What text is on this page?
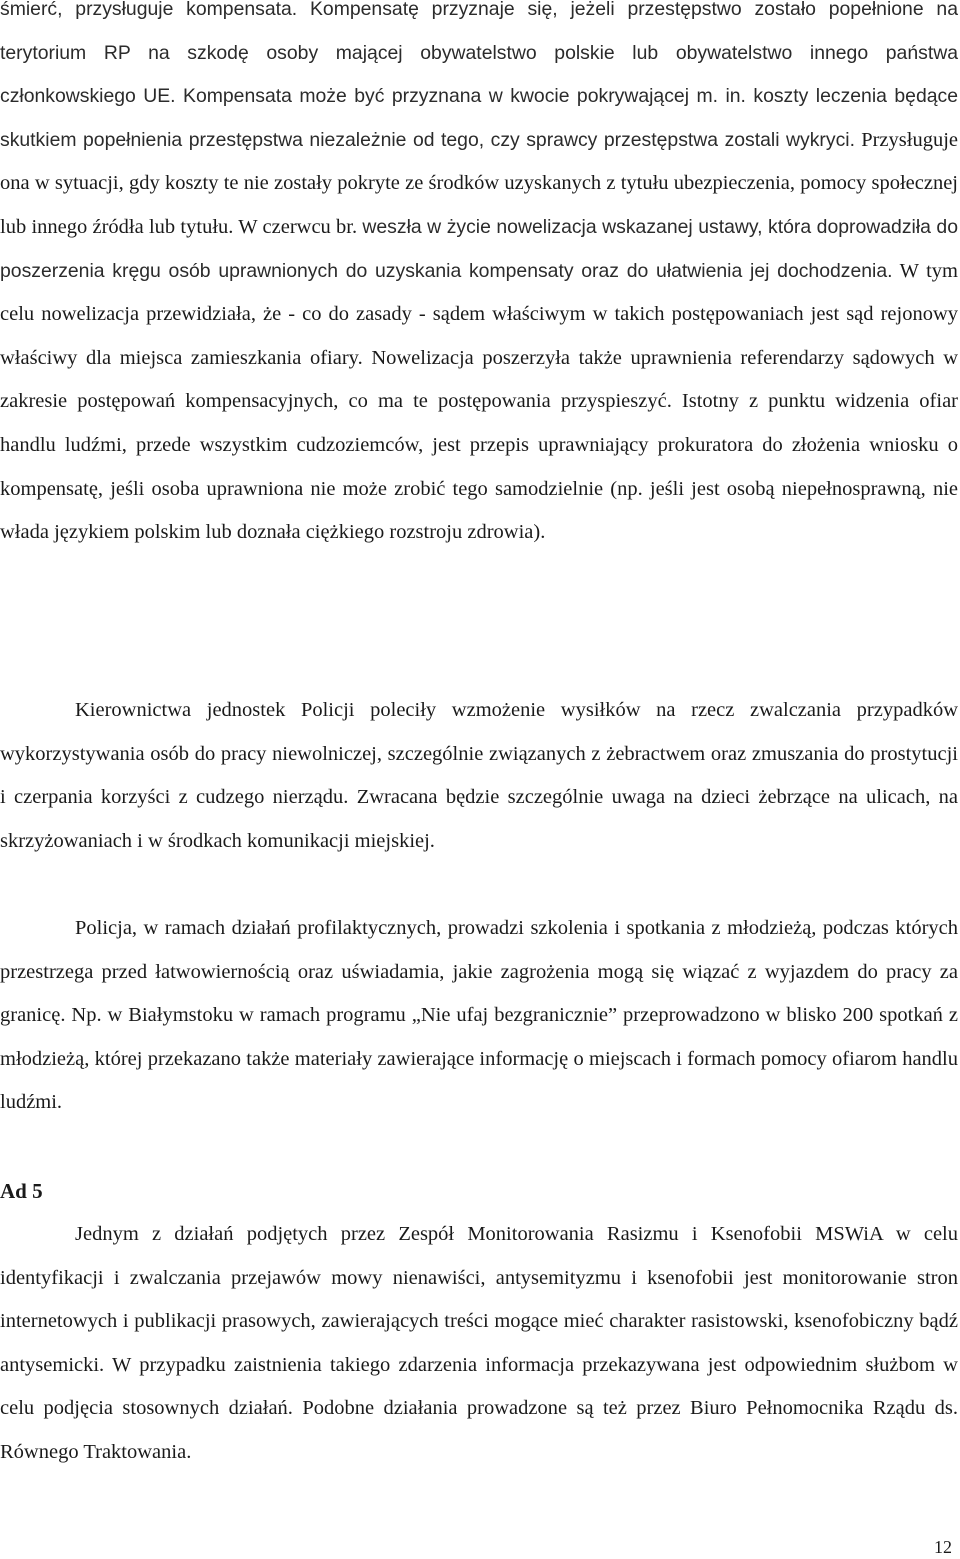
śmierć, przysługuje kompensata. Kompensatę przyznaje się, jeżeli przestępstwo zostało popełnione na terytorium RP na szkodę osoby mającej obywatelstwo polskie lub obywatelstwo innego państwa członkowskiego UE. Kompensata może być przyznana w kwocie pokrywającej m. in. koszty leczenia będące skutkiem popełnienia przestępstwa niezależnie od tego, czy sprawcy przestępstwa zostali wykryci. Przysługuje ona w sytuacji, gdy koszty te nie zostały pokryte ze środków uzyskanych z tytułu ubezpieczenia, pomocy społecznej lub innego źródła lub tytułu. W czerwcu br. weszła w życie nowelizacja wskazanej ustawy, która doprowadziła do poszerzenia kręgu osób uprawnionych do uzyskania kompensaty oraz do ułatwienia jej dochodzenia. W tym celu nowelizacja przewidziała, że - co do zasady - sądem właściwym w takich postępowaniach jest sąd rejonowy właściwy dla miejsca zamieszkania ofiary. Nowelizacja poszerzyła także uprawnienia referendarzy sądowych w zakresie postępowań kompensacyjnych, co ma te postępowania przyspieszyć. Istotny z punktu widzenia ofiar handlu ludźmi, przede wszystkim cudzoziemców, jest przepis uprawniający prokuratora do złożenia wniosku o kompensatę, jeśli osoba uprawniona nie może zrobić tego samodzielnie (np. jeśli jest osobą niepełnosprawną, nie włada językiem polskim lub doznała ciężkiego rozstroju zdrowia).

Kierownictwa jednostek Policji poleciły wzmożenie wysiłków na rzecz zwalczania przypadków wykorzystywania osób do pracy niewolniczej, szczególnie związanych z żebractwem oraz zmuszania do prostytucji i czerpania korzyści z cudzego nierządu. Zwracana będzie szczególnie uwaga na dzieci żebrzące na ulicach, na skrzyżowaniach i w środkach komunikacji miejskiej.

Policja, w ramach działań profilaktycznych, prowadzi szkolenia i spotkania z młodzieżą, podczas których przestrzega przed łatwowiernością oraz uświadamia, jakie zagrożenia mogą się wiązać z wyjazdem do pracy za granicę. Np. w Białymstoku w ramach programu „Nie ufaj bezgranicznie” przeprowadzono w blisko 200 spotkań z młodzieżą, której przekazano także materiały zawierające informację o miejscach i formach pomocy ofiarom handlu ludźmi.

Ad 5

Jednym z działań podjętych przez Zespół Monitorowania Rasizmu i Ksenofobii MSWiA w celu identyfikacji i zwalczania przejawów mowy nienawiści, antysemityzmu i ksenofobii jest monitorowanie stron internetowych i publikacji prasowych, zawierających treści mogące mieć charakter rasistowski, ksenofobiczny bądź antysemicki. W przypadku zaistnienia takiego zdarzenia informacja przekazywana jest odpowiednim służbom w celu podjęcia stosownych działań. Podobne działania prowadzone są też przez Biuro Pełnomocnika Rządu ds. Równego Traktowania.

12
